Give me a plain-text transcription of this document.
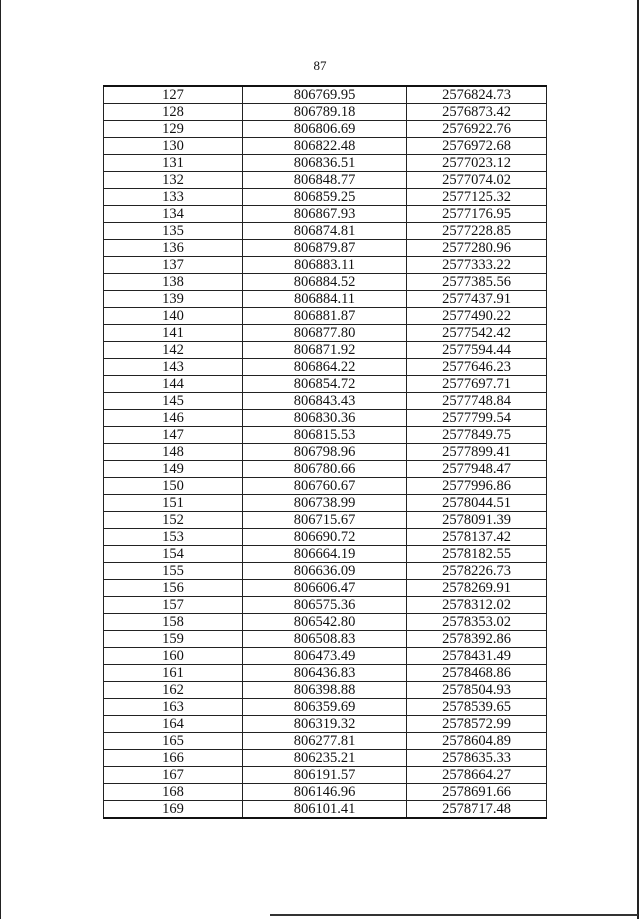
87
127	806769.95	2576824.73
128	806789.18	2576873.42
129	806806.69	2576922.76
130	806822.48	2576972.68
131	806836.51	2577023.12
132	806848.77	2577074.02
133	806859.25	2577125.32
134	806867.93	2577176.95
135	806874.81	2577228.85
136	806879.87	2577280.96
137	806883.11	2577333.22
138	806884.52	2577385.56
139	806884.11	2577437.91
140	806881.87	2577490.22
141	806877.80	2577542.42
142	806871.92	2577594.44
143	806864.22	2577646.23
144	806854.72	2577697.71
145	806843.43	2577748.84
146	806830.36	2577799.54
147	806815.53	2577849.75
148	806798.96	2577899.41
149	806780.66	2577948.47
150	806760.67	2577996.86
151	806738.99	2578044.51
152	806715.67	2578091.39
153	806690.72	2578137.42
154	806664.19	2578182.55
155	806636.09	2578226.73
156	806606.47	2578269.91
157	806575.36	2578312.02
158	806542.80	2578353.02
159	806508.83	2578392.86
160	806473.49	2578431.49
161	806436.83	2578468.86
162	806398.88	2578504.93
163	806359.69	2578539.65
164	806319.32	2578572.99
165	806277.81	2578604.89
166	806235.21	2578635.33
167	806191.57	2578664.27
168	806146.96	2578691.66
169	806101.41	2578717.48
